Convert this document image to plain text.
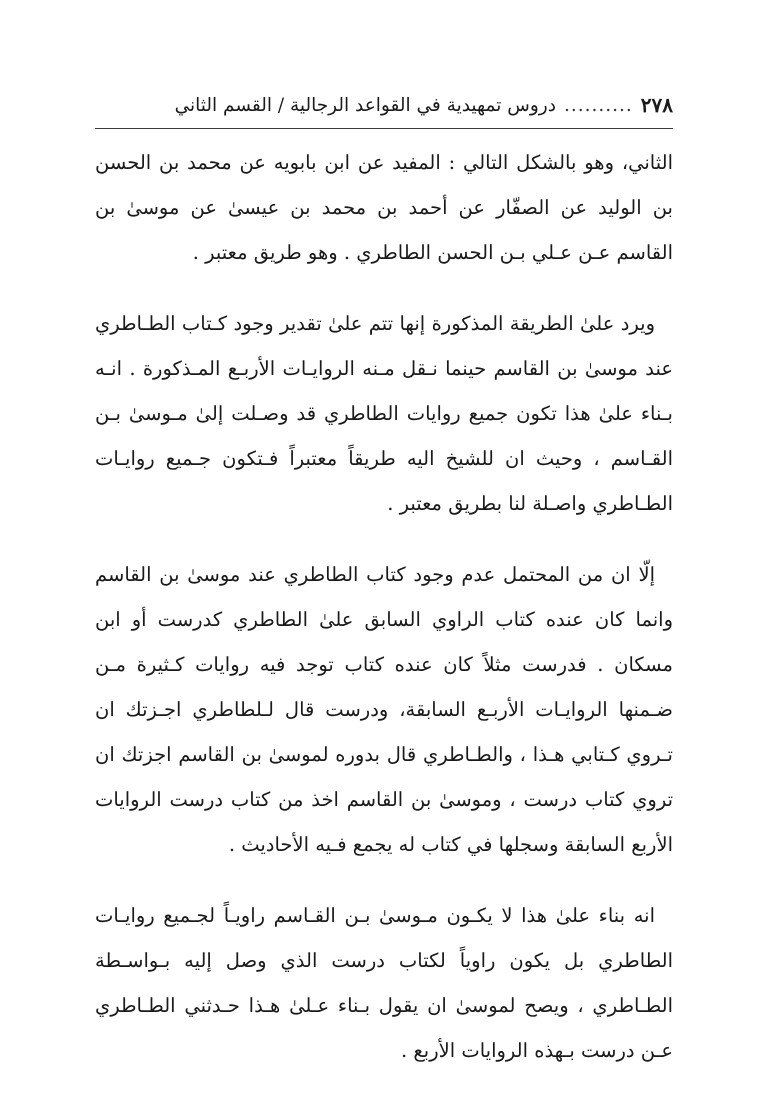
٢٧٨
..........
دروس تمهيدية في القواعد الرجالية / القسم الثاني

الثاني، وهو بالشكل التالي : المفيد عن ابن بابويه عن محمد بن الحسن بن الوليد عن الصفّار عن أحمد بن محمد بن عيسىٰ عن موسىٰ بن القاسم عـن عـلي بـن الحسن الطاطري . وهو طريق معتبر .

ويرد علىٰ الطريقة المذكورة إنها تتم علىٰ تقدير وجود كـتاب الطـاطري عند موسىٰ بن القاسم حينما نـقل مـنه الروايـات الأربـع المـذكورة . انـه بـناء علىٰ هذا تكون جميع روايات الطاطري قد وصـلت إلىٰ مـوسىٰ بـن القـاسم ، وحيث ان للشيخ اليه طريقاً معتبراً فـتكون جـميع روايـات الطـاطري واصـلة لنا بطريق معتبر .

إلّا ان من المحتمل عدم وجود كتاب الطاطري عند موسىٰ بن القاسم وانما كان عنده كتاب الراوي السابق علىٰ الطاطري كدرست أو ابن مسكان . فدرست مثلاً كان عنده كتاب توجد فيه روايات كـثيرة مـن ضـمنها الروايـات الأربـع السابقة، ودرست قال لـلطاطري اجـزتك ان تـروي كـتابي هـذا ، والطـاطري قال بدوره لموسىٰ بن القاسم اجزتك ان تروي كتاب درست ، وموسىٰ بن القاسم اخذ من كتاب درست الروايات الأربع السابقة وسجلها في كتاب له يجمع فـيه الأحاديث .

انه بناء علىٰ هذا لا يكـون مـوسىٰ بـن القـاسم راويـاً لجـميع روايـات الطاطري بل يكون راوياً لكتاب درست الذي وصل إليه بـواسـطة الطـاطري ، ويصح لموسىٰ ان يقول بـناء عـلىٰ هـذا حـدثني الطـاطري عـن درست بـهذه الروايات الأربع .
